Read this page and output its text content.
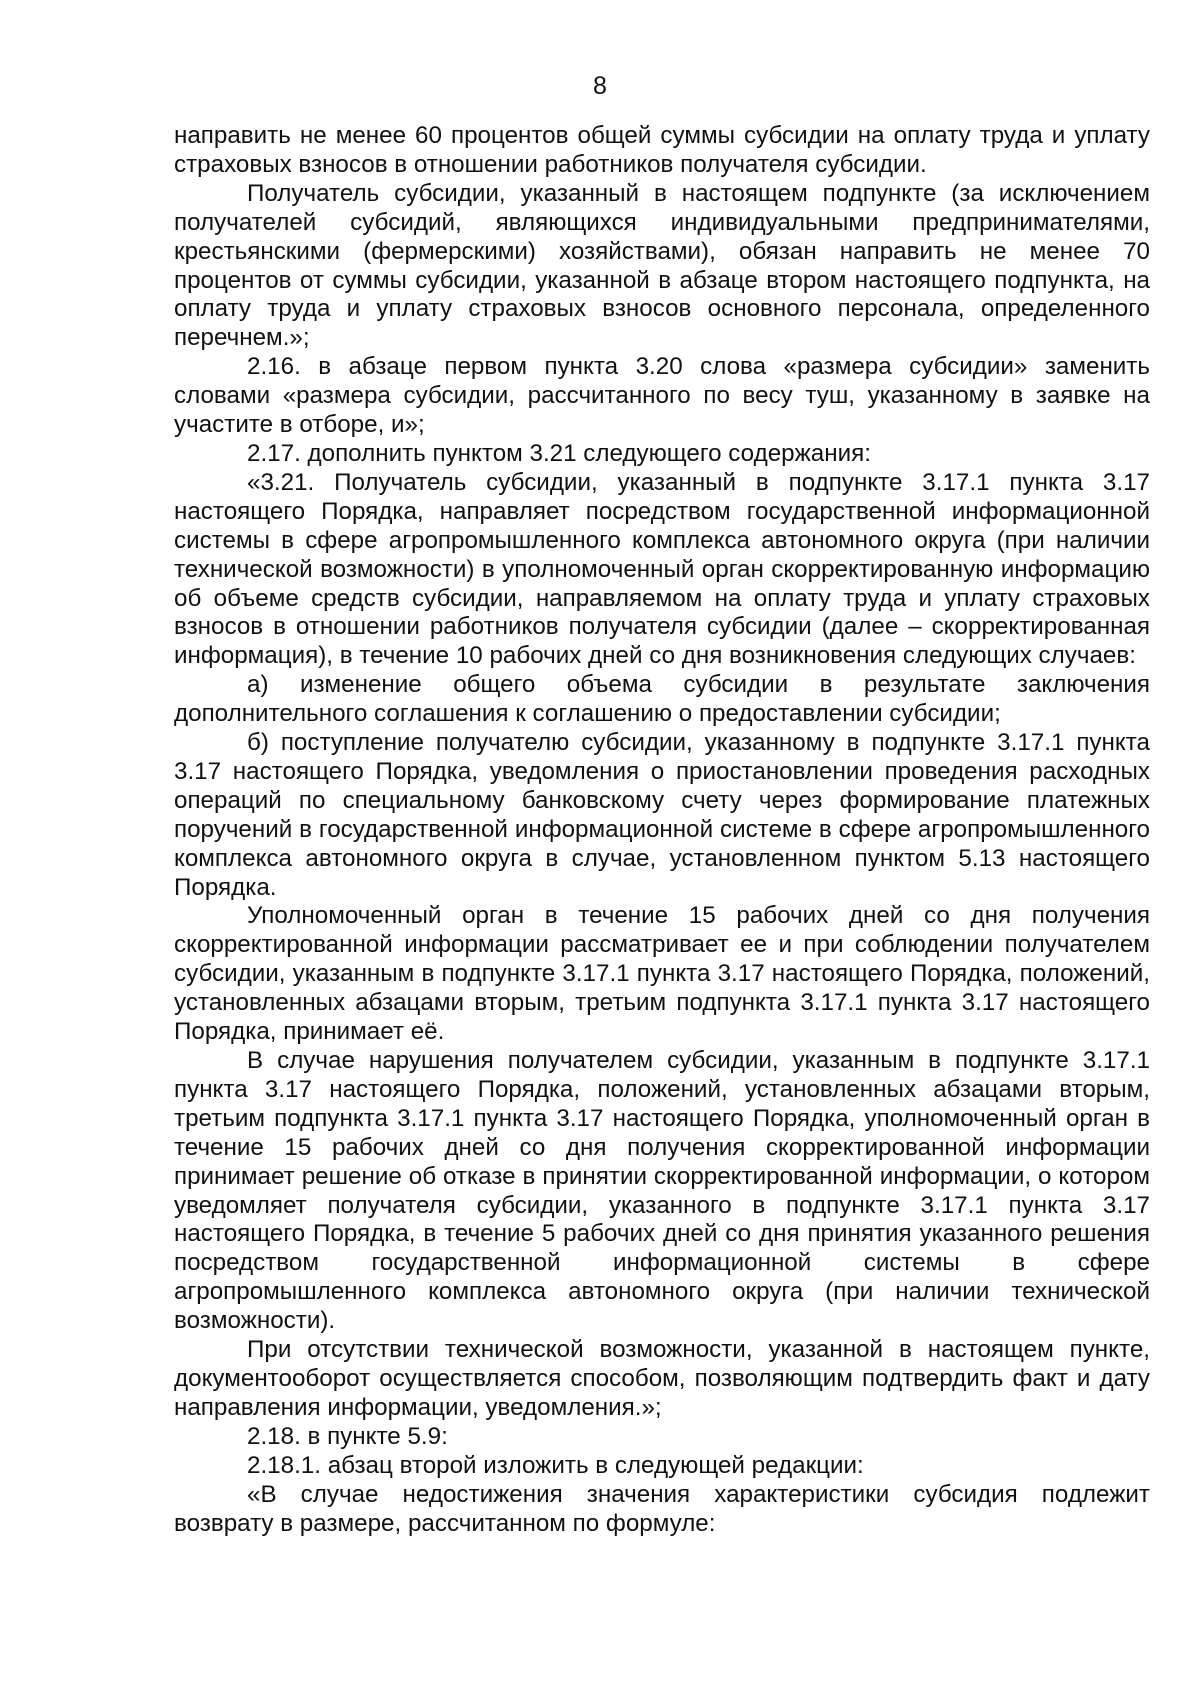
8

направить не менее 60 процентов общей суммы субсидии на оплату труда и уплату страховых взносов в отношении работников получателя субсидии.

Получатель субсидии, указанный в настоящем подпункте (за исключением получателей субсидий, являющихся индивидуальными предпринимателями, крестьянскими (фермерскими) хозяйствами), обязан направить не менее 70 процентов от суммы субсидии, указанной в абзаце втором настоящего подпункта, на оплату труда и уплату страховых взносов основного персонала, определенного перечнем.»;

2.16. в абзаце первом пункта 3.20 слова «размера субсидии» заменить словами «размера субсидии, рассчитанного по весу туш, указанному в заявке на участите в отборе, и»;

2.17. дополнить пунктом 3.21 следующего содержания:

«3.21. Получатель субсидии, указанный в подпункте 3.17.1 пункта 3.17 настоящего Порядка, направляет посредством государственной информационной системы в сфере агропромышленного комплекса автономного округа (при наличии технической возможности) в уполномоченный орган скорректированную информацию об объеме средств субсидии, направляемом на оплату труда и уплату страховых взносов в отношении работников получателя субсидии (далее – скорректированная информация), в течение 10 рабочих дней со дня возникновения следующих случаев:

а) изменение общего объема субсидии в результате заключения дополнительного соглашения к соглашению о предоставлении субсидии;

б) поступление получателю субсидии, указанному в подпункте 3.17.1 пункта 3.17 настоящего Порядка, уведомления о приостановлении проведения расходных операций по специальному банковскому счету через формирование платежных поручений в государственной информационной системе в сфере агропромышленного комплекса автономного округа в случае, установленном пунктом 5.13 настоящего Порядка.

Уполномоченный орган в течение 15 рабочих дней со дня получения скорректированной информации рассматривает ее и при соблюдении получателем субсидии, указанным в подпункте 3.17.1 пункта 3.17 настоящего Порядка, положений, установленных абзацами вторым, третьим подпункта 3.17.1 пункта 3.17 настоящего Порядка, принимает её.

В случае нарушения получателем субсидии, указанным в подпункте 3.17.1 пункта 3.17 настоящего Порядка, положений, установленных абзацами вторым, третьим подпункта 3.17.1 пункта 3.17 настоящего Порядка, уполномоченный орган в течение 15 рабочих дней со дня получения скорректированной информации принимает решение об отказе в принятии скорректированной информации, о котором уведомляет получателя субсидии, указанного в подпункте 3.17.1 пункта 3.17 настоящего Порядка, в течение 5 рабочих дней со дня принятия указанного решения посредством государственной информационной системы в сфере агропромышленного комплекса автономного округа (при наличии технической возможности).

При отсутствии технической возможности, указанной в настоящем пункте, документооборот осуществляется способом, позволяющим подтвердить факт и дату направления информации, уведомления.»;

2.18. в пункте 5.9:

2.18.1. абзац второй изложить в следующей редакции:

«В случае недостижения значения характеристики субсидия подлежит возврату в размере, рассчитанном по формуле:
